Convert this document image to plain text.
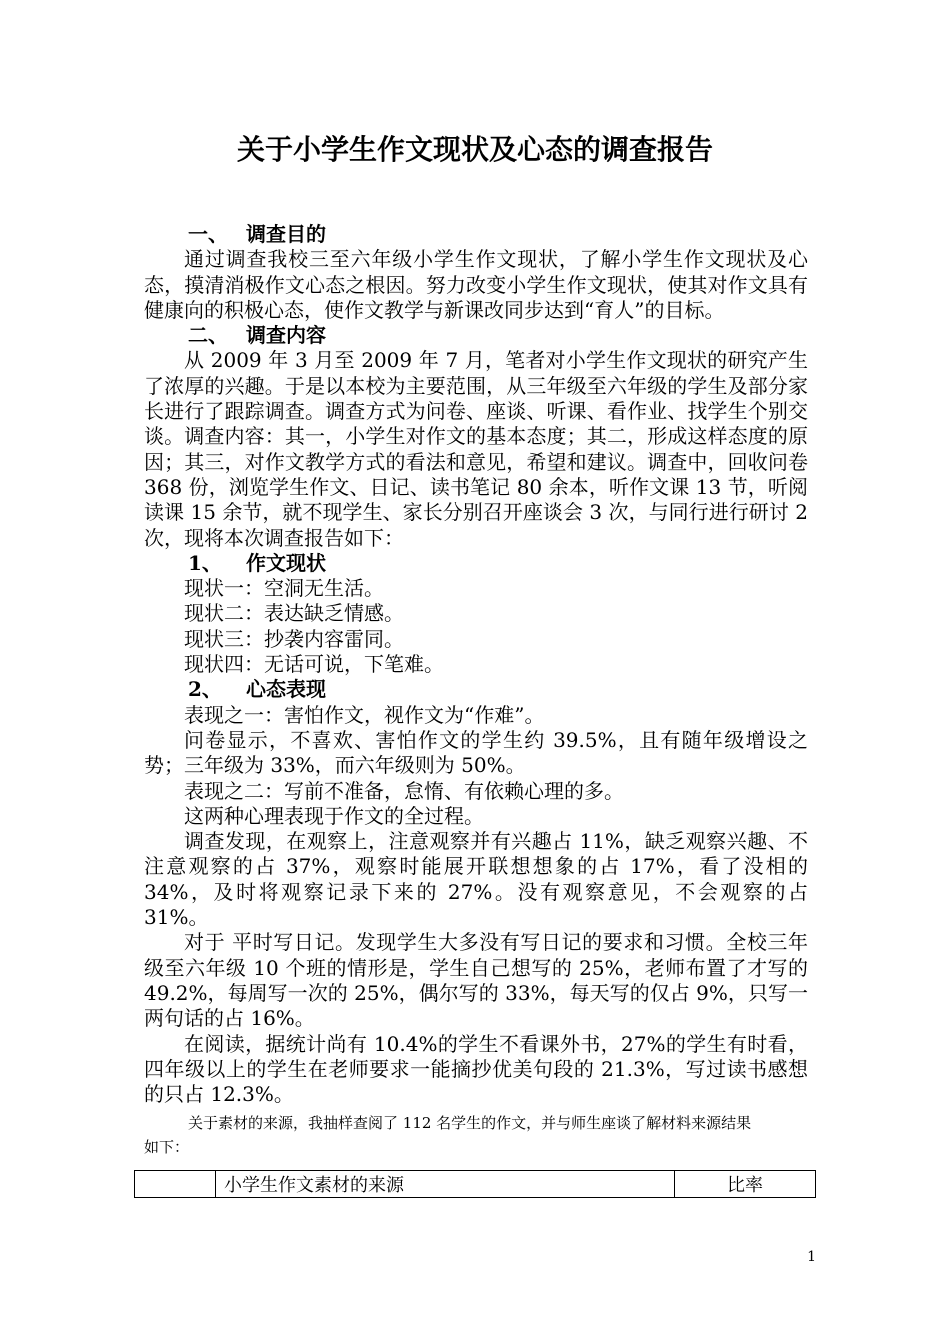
关于小学生作文现状及心态的调查报告
一、 调查目的

通过调查我校三至六年级小学生作文现状，了解小学生作文现状及心态，摸清消极作文心态之根因。努力改变小学生作文现状，使其对作文具有健康向的积极心态，使作文教学与新课改同步达到“育人”的目标。

二、 调查内容

从 2009 年 3 月至 2009 年 7 月，笔者对小学生作文现状的研究产生了浓厚的兴趣。于是以本校为主要范围，从三年级至六年级的学生及部分家长进行了跟踪调查。调查方式为问卷、座谈、听课、看作业、找学生个别交谈。调查内容：其一，小学生对作文的基本态度；其二，形成这样态度的原因；其三，对作文教学方式的看法和意见，希望和建议。调查中，回收问卷 368 份，浏览学生作文、日记、读书笔记 80 余本，听作文课 13 节，听阅读课 15 余节，就不现学生、家长分别召开座谈会 3 次，与同行进行研讨 2 次，现将本次调查报告如下：

1、	作文现状

现状一：空洞无生活。

现状二：表达缺乏情感。

现状三：抄袭内容雷同。

现状四：无话可说，下笔难。

2、	心态表现

表现之一：害怕作文，视作文为“作难”。

问卷显示，不喜欢、害怕作文的学生约 39.5%，且有随年级增设之势；三年级为 33%，而六年级则为 50%。

表现之二：写前不准备，怠惰、有依赖心理的多。

这两种心理表现于作文的全过程。

调查发现，在观察上，注意观察并有兴趣占 11%，缺乏观察兴趣、不注意观察的占 37%，观察时能展开联想想象的占 17%，看了没相的 34%，及时将观察记录下来的 27%。没有观察意见，不会观察的占 31%。

对于 平时写日记。发现学生大多没有写日记的要求和习惯。全校三年级至六年级 10 个班的情形是，学生自己想写的 25%，老师布置了才写的 49.2%，每周写一次的 25%，偶尔写的 33%，每天写的仅占 9%，只写一两句话的占 16%。

在阅读，据统计尚有 10.4%的学生不看课外书，27%的学生有时看，四年级以上的学生在老师要求一能摘抄优美句段的 21.3%，写过读书感想的只占 12.3%。

关于素材的来源，我抽样查阅了 112 名学生的作文，并与师生座谈了解材料来源结果
如下：
	小学生作文素材的来源	比率
1
